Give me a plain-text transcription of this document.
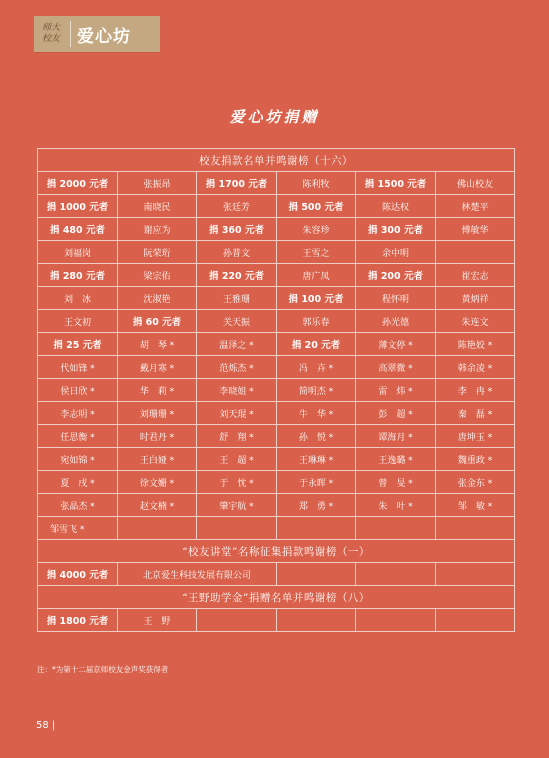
师大
校友 爱心坊
爱心坊捐赠
校友捐款名单并鸣谢榜（十六）					
捐 2000 元者	张振昂	捐 1700 元者	陈利牧	捐 1500 元者	佛山校友
捐 1000 元者	南晓民	张廷芳	捐 500 元者	陈达权	林楚平
捐 480 元者	谢应为	捐 360 元者	朱容珍	捐 300 元者	傅敏华
刘福岗	阮荣珩	孙普文	王雪之	余中明	
捐 280 元者	梁宗佑	捐 220 元者	唐广凤	捐 200 元者	崔宏志
刘　冰	沈淑艳	王雅珊	捐 100 元者	程怀明	黄炳祥
王文初	捐 60 元者	关天振	郭乐春	孙光德	朱连文
捐 25 元者	胡　琴 *	温泽之 *	捐 20 元者	薄文停 *	陈艳姣 *
代如锋 *	戴月寒 *	范烁杰 *	冯　卉 *	高翠微 *	韩余凌 *
侯日欣 *	华　莉 *	李晓姐 *	简明杰 *	雷　炜 *	李　冉 *
李志明 *	刘珊珊 *	刘天琨 *	牛　华 *	彭　超 *	秦　磊 *
任思衡 *	时君丹 *	舒　翔 *	孙　悦 *	谭海月 *	唐坤玉 *
宛如锦 *	王白娅 *	王　超 *	王琳琳 *	王逸璐 *	魏重政 *
夏　戌 *	徐文姗 *	于　忱 *	于永晖 *	曾　旻 *	张金东 *
张晶杰 *	赵文楠 *	肇宇航 *	郑　勇 *	朱　叶 *	邹　敏 *
邹雪飞 *					
“校友讲堂”名称征集捐款鸣谢榜（一）					
捐 4000 元者	北京爱生科技发展有限公司				
“王野助学金”捐赠名单并鸣谢榜（八）					
捐 1800 元者	王　野				
注：*为第十二届京师校友金声奖获得者
58 |
